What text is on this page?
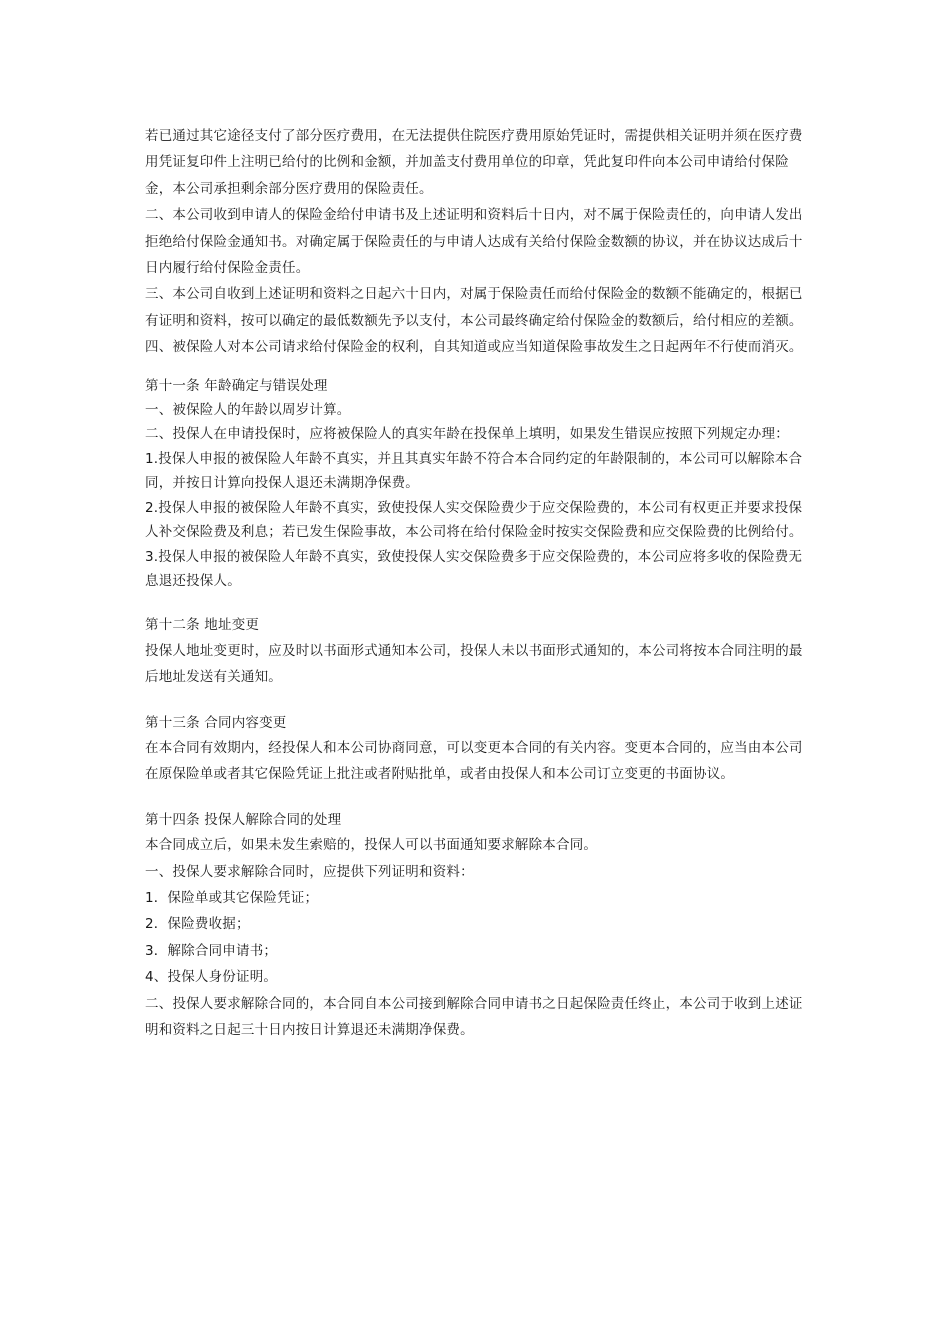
若已通过其它途径支付了部分医疗费用，在无法提供住院医疗费用原始凭证时，需提供相关证明并须在医疗费用凭证复印件上注明已给付的比例和金额，并加盖支付费用单位的印章，凭此复印件向本公司申请给付保险金，本公司承担剩余部分医疗费用的保险责任。

二、本公司收到申请人的保险金给付申请书及上述证明和资料后十日内，对不属于保险责任的，向申请人发出拒绝给付保险金通知书。对确定属于保险责任的与申请人达成有关给付保险金数额的协议，并在协议达成后十日内履行给付保险金责任。

三、本公司自收到上述证明和资料之日起六十日内，对属于保险责任而给付保险金的数额不能确定的，根据已有证明和资料，按可以确定的最低数额先予以支付，本公司最终确定给付保险金的数额后，给付相应的差额。

四、被保险人对本公司请求给付保险金的权利，自其知道或应当知道保险事故发生之日起两年不行使而消灭。

第十一条 年龄确定与错误处理

一、被保险人的年龄以周岁计算。

二、投保人在申请投保时，应将被保险人的真实年龄在投保单上填明，如果发生错误应按照下列规定办理：

1.投保人申报的被保险人年龄不真实，并且其真实年龄不符合本合同约定的年龄限制的，本公司可以解除本合同，并按日计算向投保人退还未满期净保费。

2.投保人申报的被保险人年龄不真实，致使投保人实交保险费少于应交保险费的，本公司有权更正并要求投保人补交保险费及利息；若已发生保险事故，本公司将在给付保险金时按实交保险费和应交保险费的比例给付。

3.投保人申报的被保险人年龄不真实，致使投保人实交保险费多于应交保险费的，本公司应将多收的保险费无息退还投保人。

第十二条 地址变更

投保人地址变更时，应及时以书面形式通知本公司，投保人未以书面形式通知的，本公司将按本合同注明的最后地址发送有关通知。

第十三条 合同内容变更

在本合同有效期内，经投保人和本公司协商同意，可以变更本合同的有关内容。变更本合同的，应当由本公司在原保险单或者其它保险凭证上批注或者附贴批单，或者由投保人和本公司订立变更的书面协议。

第十四条 投保人解除合同的处理

本合同成立后，如果未发生索赔的，投保人可以书面通知要求解除本合同。

一、投保人要求解除合同时，应提供下列证明和资料：

1．保险单或其它保险凭证；

2．保险费收据；

3．解除合同申请书；

4、投保人身份证明。

二、投保人要求解除合同的，本合同自本公司接到解除合同申请书之日起保险责任终止，本公司于收到上述证明和资料之日起三十日内按日计算退还未满期净保费。
